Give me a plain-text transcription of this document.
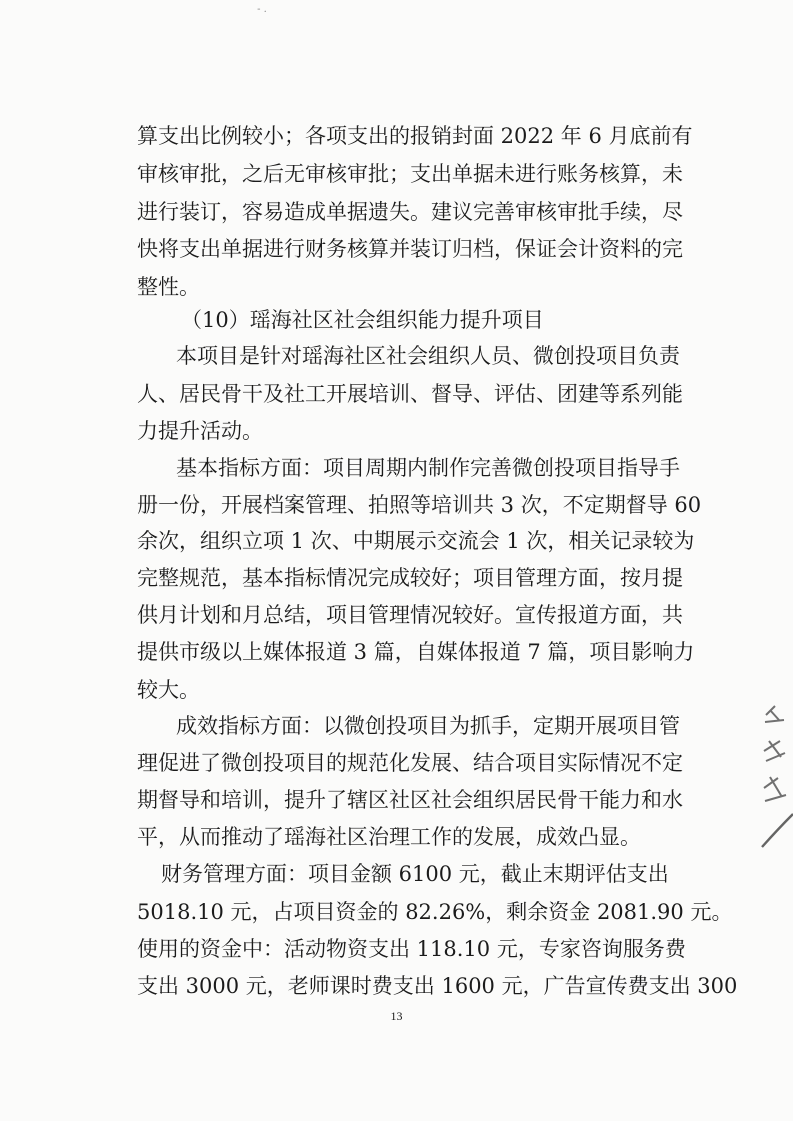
- .
算支出比例较小；各项支出的报销封面 2022 年 6 月底前有
审核审批，之后无审核审批；支出单据未进行账务核算，未
进行装订，容易造成单据遗失。建议完善审核审批手续，尽
快将支出单据进行财务核算并装订归档，保证会计资料的完
整性。
（10）瑶海社区社会组织能力提升项目
本项目是针对瑶海社区社会组织人员、微创投项目负责
人、居民骨干及社工开展培训、督导、评估、团建等系列能
力提升活动。
基本指标方面：项目周期内制作完善微创投项目指导手
册一份，开展档案管理、拍照等培训共 3 次，不定期督导 60
余次，组织立项 1 次、中期展示交流会 1 次，相关记录较为
完整规范，基本指标情况完成较好；项目管理方面，按月提
供月计划和月总结，项目管理情况较好。宣传报道方面，共
提供市级以上媒体报道 3 篇，自媒体报道 7 篇，项目影响力
较大。
成效指标方面：以微创投项目为抓手，定期开展项目管
理促进了微创投项目的规范化发展、结合项目实际情况不定
期督导和培训，提升了辖区社区社会组织居民骨干能力和水
平，从而推动了瑶海社区治理工作的发展，成效凸显。
财务管理方面：项目金额 6100 元，截止末期评估支出
5018.10 元，占项目资金的 82.26%，剩余资金 2081.90 元。
使用的资金中：活动物资支出 118.10 元，专家咨询服务费
支出 3000 元，老师课时费支出 1600 元，广告宣传费支出 300
13
